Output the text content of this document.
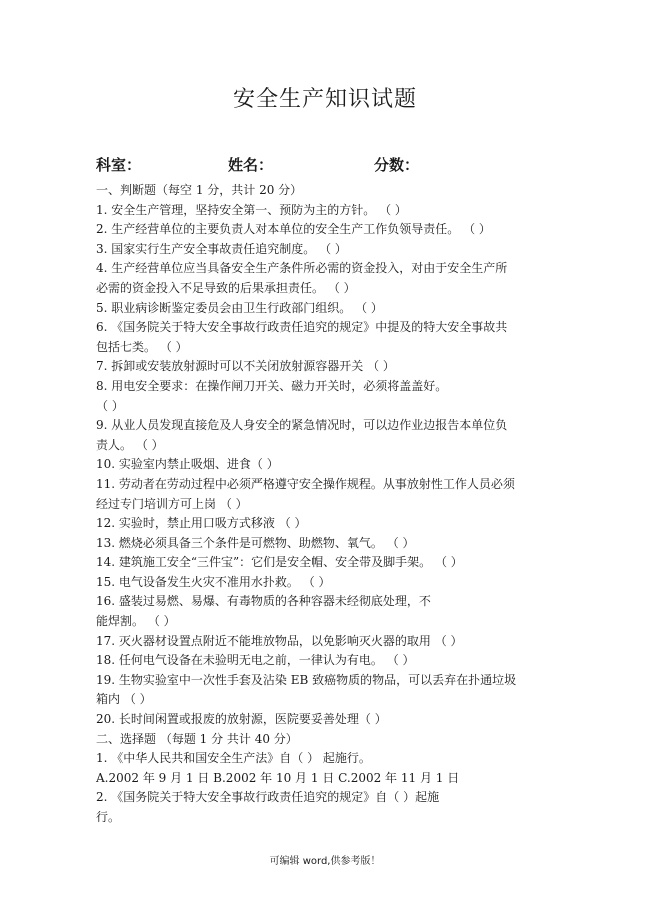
安全生产知识试题
科室：	姓名：	分数：
一、判断题（每空 1 分，共计 20 分）
1. 安全生产管理，坚持安全第一、预防为主的方针。 （ ）
2. 生产经营单位的主要负责人对本单位的安全生产工作负领导责任。 （ ）
3. 国家实行生产安全事故责任追究制度。 （ ）
4. 生产经营单位应当具备安全生产条件所必需的资金投入，对由于安全生产所
必需的资金投入不足导致的后果承担责任。 （ ）
5. 职业病诊断鉴定委员会由卫生行政部门组织。 （ ）
6. 《国务院关于特大安全事故行政责任追究的规定》中提及的特大安全事故共
包括七类。 （ ）
7. 拆卸或安装放射源时可以不关闭放射源容器开关 （ ）
8. 用电安全要求：在操作闸刀开关、磁力开关时，必须将盖盖好。
（ ）
9. 从业人员发现直接危及人身安全的紧急情况时，可以边作业边报告本单位负
责人。 （ ）
10. 实验室内禁止吸烟、进食（ ）
11. 劳动者在劳动过程中必须严格遵守安全操作规程。从事放射性工作人员必须
经过专门培训方可上岗 （ ）
12. 实验时，禁止用口吸方式移液 （ ）
13. 燃烧必须具备三个条件是可燃物、助燃物、氧气。 （ ）
14. 建筑施工安全“三件宝”：它们是安全帽、安全带及脚手架。 （ ）
15. 电气设备发生火灾不准用水扑救。 （ ）
16. 盛装过易燃、易爆、有毒物质的各种容器未经彻底处理，不
能焊割。 （ ）
17. 灭火器材设置点附近不能堆放物品，以免影响灭火器的取用 （ ）
18. 任何电气设备在未验明无电之前，一律认为有电。 （ ）
19. 生物实验室中一次性手套及沾染 EB 致癌物质的物品，可以丢弃在扑通垃圾
箱内 （ ）
20. 长时间闲置或报废的放射源，医院要妥善处理（ ）
二、选择题 （每题 1 分 共计 40 分）
1. 《中华人民共和国安全生产法》自（ ） 起施行。
A.2002 年 9 月 1 日 B.2002 年 10 月 1 日 C.2002 年 11 月 1 日
2. 《国务院关于特大安全事故行政责任追究的规定》自（ ）起施
行。
可编辑 word,供参考版！
